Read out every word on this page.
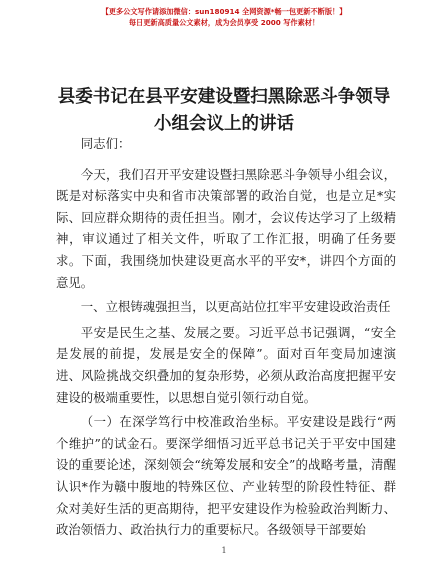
【更多公文写作请添加微信：sun180914 全网资源*畅一包更新不断版！】
每日更新高质量公文素材，成为会员享受 2000 写作素材！
县委书记在县平安建设暨扫黑除恶斗争领导小组会议上的讲话

同志们：

今天，我们召开平安建设暨扫黑除恶斗争领导小组会议，既是对标落实中央和省市决策部署的政治自觉，也是立足*实际、回应群众期待的责任担当。刚才，会议传达学习了上级精神，审议通过了相关文件，听取了工作汇报，明确了任务要求。下面，我围绕加快建设更高水平的平安*，讲四个方面的意见。

一、立根铸魂强担当，以更高站位扛牢平安建设政治责任

平安是民生之基、发展之要。习近平总书记强调，“安全是发展的前提，发展是安全的保障”。面对百年变局加速演进、风险挑战交织叠加的复杂形势，必须从政治高度把握平安建设的极端重要性，以思想自觉引领行动自觉。

（一）在深学笃行中校准政治坐标。平安建设是践行“两个维护”的试金石。要深学细悟习近平总书记关于平安中国建设的重要论述，深刻领会“统筹发展和安全”的战略考量，清醒认识*作为赣中腹地的特殊区位、产业转型的阶段性特征、群众对美好生活的更高期待，把平安建设作为检验政治判断力、政治领悟力、政治执行力的重要标尺。各级领导干部要始

1
